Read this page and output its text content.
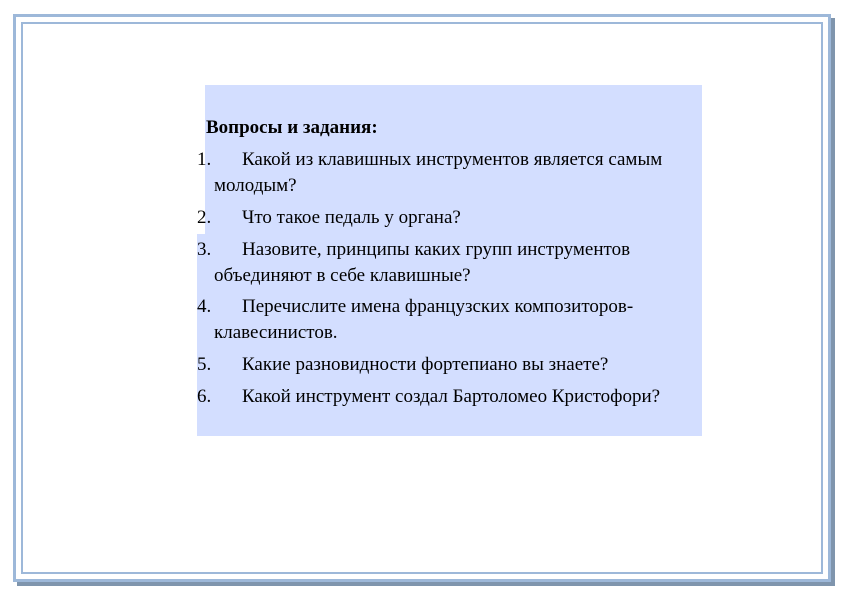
Вопросы и задания:
1.	Какой из клавишных инструментов является самым молодым?
2.	Что такое педаль у органа?
3.	Назовите, принципы каких групп инструментов объединяют в себе клавишные?
4.	Перечислите имена французских композиторов-клавесинистов.
5.	Какие разновидности фортепиано вы знаете?
6.	Какой инструмент создал Бартоломео Кристофори?
